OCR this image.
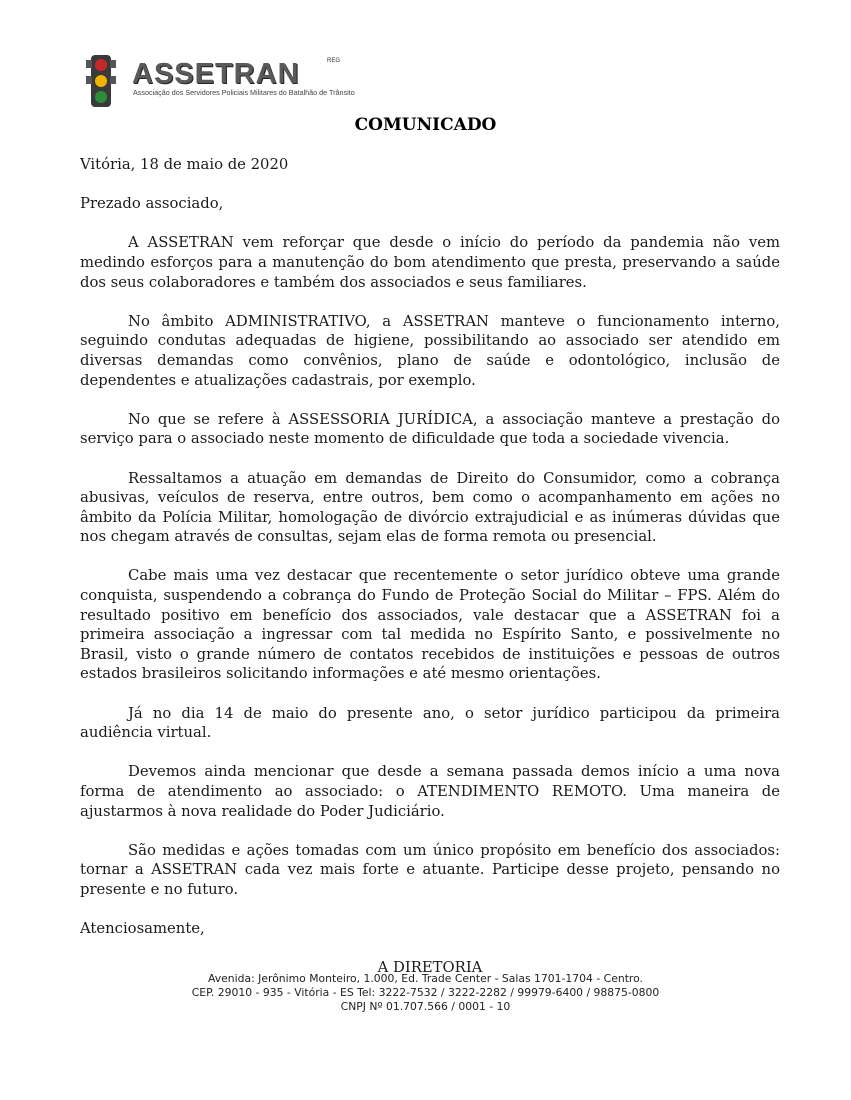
ASSETRAN	REG
Associação dos Servidores Policiais Militares do Batalhão de Trânsito
COMUNICADO

Vitória, 18 de maio de 2020

Prezado associado,

A ASSETRAN vem reforçar que desde o início do período da pandemia não vem medindo esforços para a manutenção do bom atendimento que presta, preservando a saúde dos seus colaboradores e também dos associados e seus familiares.

No âmbito ADMINISTRATIVO, a ASSETRAN manteve o funcionamento interno, seguindo condutas adequadas de higiene, possibilitando ao associado ser atendido em diversas demandas como convênios, plano de saúde e odontológico, inclusão de dependentes e atualizações cadastrais, por exemplo.

No que se refere à ASSESSORIA JURÍDICA, a associação manteve a prestação do serviço para o associado neste momento de dificuldade que toda a sociedade vivencia.

Ressaltamos a atuação em demandas de Direito do Consumidor, como a cobrança abusivas, veículos de reserva, entre outros, bem como o acompanhamento em ações no âmbito da Polícia Militar, homologação de divórcio extrajudicial e as inúmeras dúvidas que nos chegam através de consultas, sejam elas de forma remota ou presencial.

Cabe mais uma vez destacar que recentemente o setor jurídico obteve uma grande conquista, suspendendo a cobrança do Fundo de Proteção Social do Militar – FPS. Além do resultado positivo em benefício dos associados, vale destacar que a ASSETRAN foi a primeira associação a ingressar com tal medida no Espírito Santo, e possivelmente no Brasil, visto o grande número de contatos recebidos de instituições e pessoas de outros estados brasileiros solicitando informações e até mesmo orientações.

Já no dia 14 de maio do presente ano, o setor jurídico participou da primeira audiência virtual.

Devemos ainda mencionar que desde a semana passada demos início a uma nova forma de atendimento ao associado: o ATENDIMENTO REMOTO. Uma maneira de ajustarmos à nova realidade do Poder Judiciário.

São medidas e ações tomadas com um único propósito em benefício dos associados: tornar a ASSETRAN cada vez mais forte e atuante. Participe desse projeto, pensando no presente e no futuro.

Atenciosamente,

A DIRETORIA

Avenida: Jerônimo Monteiro, 1.000, Ed. Trade Center - Salas 1701-1704 - Centro.
CEP. 29010 - 935 - Vitória - ES Tel: 3222-7532 / 3222-2282 / 99979-6400 / 98875-0800
CNPJ Nº 01.707.566 / 0001 - 10
